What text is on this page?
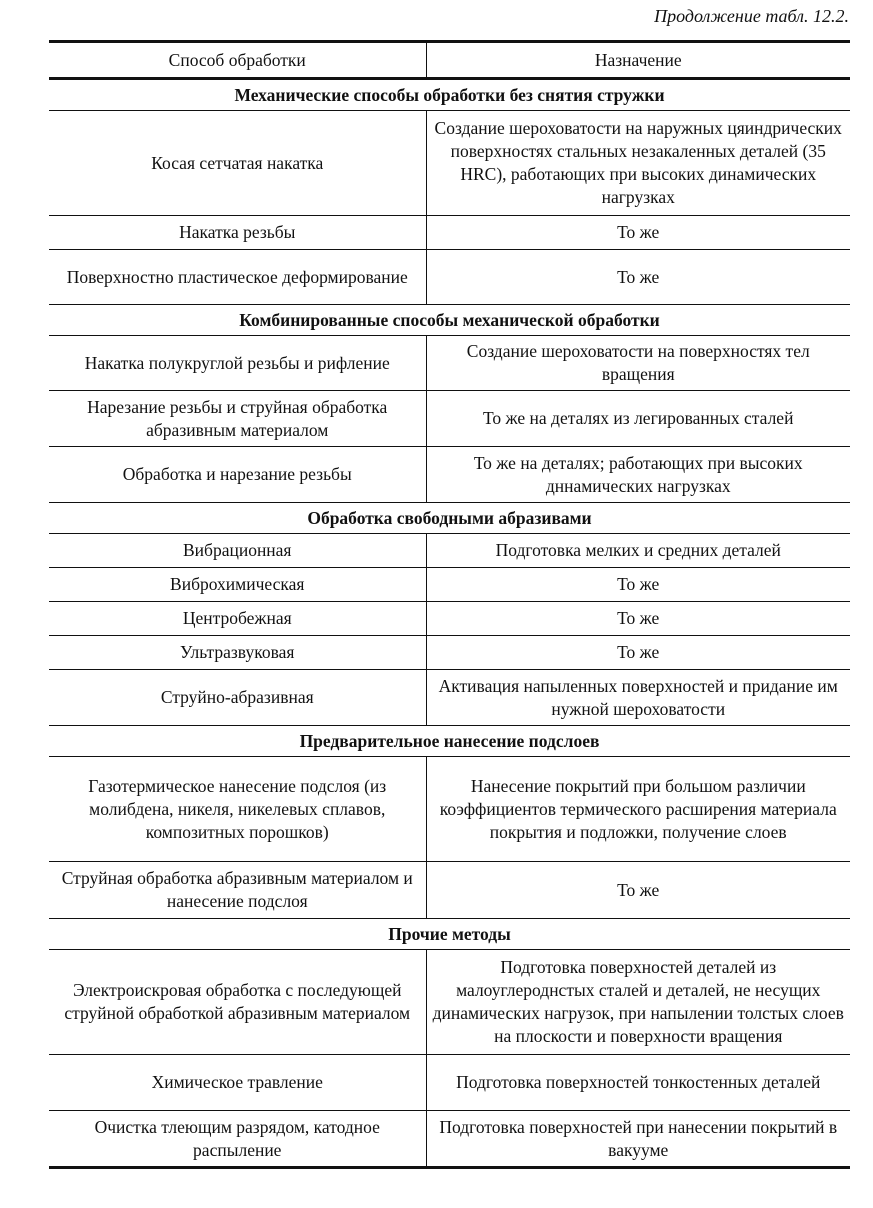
Продолжение табл. 12.2.
Способ обработки	Назначение
Механические способы обработки без снятия стружки	
Косая сетчатая накатка	Создание шероховатости на наружных цяиндрических поверхностях стальных незакаленных деталей (35 HRC), работающих при высоких динамических нагрузках
Накатка резьбы	То же
Поверхностно пластическое деформирование	То же
Комбинированные способы механической обработки	
Накатка полукруглой резьбы и рифление	Создание шероховатости на поверхностях тел вращения
Нарезание резьбы и струйная обработка абразивным материалом	То же на деталях из легированных сталей
Обработка и нарезание резьбы	То же на деталях; работающих при высоких дннамических нагрузках
Обработка свободными абразивами	
Вибрационная	Подготовка мелких и средних деталей
Виброхимическая	То же
Центробежная	То же
Ультразвуковая	То же
Струйно-абразивная	Активация напыленных поверхностей и придание им нужной шероховатости
Предварительное нанесение подслоев	
Газотермическое нанесение подслоя (из молибдена, никеля, никелевых сплавов, композитных порошков)	Нанесение покрытий при большом различии коэффициентов термического расширения материала покрытия и подложки, получение слоев
Струйная обработка абразивным материалом и нанесение подслоя	То же
Прочие методы	
Электроискровая обработка с последующей струйной обработкой абразивным материалом	Подготовка поверхностей деталей из малоуглероднстых сталей и деталей, не несущих динамических нагрузок, при напылении толстых слоев на плоскости и поверхности вращения
Химическое травление	Подготовка поверхностей тонкостенных деталей
Очистка тлеющим разрядом, катодное распыление	Подготовка поверхностей при нанесении покрытий в вакууме
